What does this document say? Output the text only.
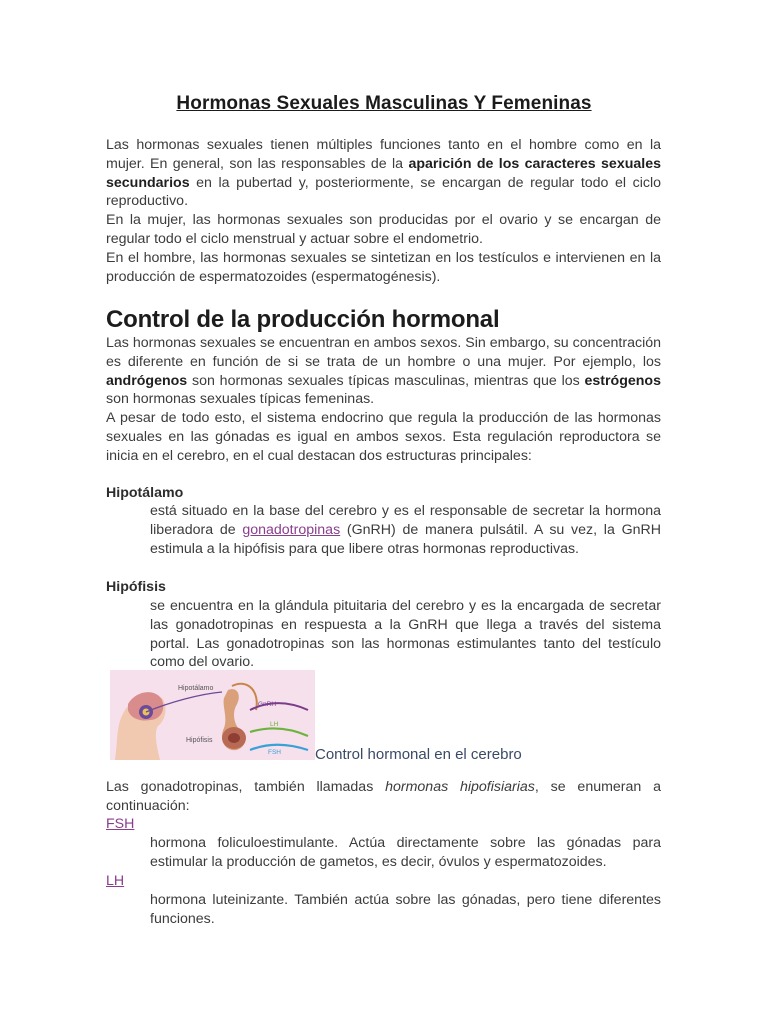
Hormonas Sexuales Masculinas Y Femeninas

Las hormonas sexuales tienen múltiples funciones tanto en el hombre como en la mujer. En general, son las responsables de la aparición de los caracteres sexuales secundarios en la pubertad y, posteriormente, se encargan de regular todo el ciclo reproductivo.

En la mujer, las hormonas sexuales son producidas por el ovario y se encargan de regular todo el ciclo menstrual y actuar sobre el endometrio.

En el hombre, las hormonas sexuales se sintetizan en los testículos e intervienen en la producción de espermatozoides (espermatogénesis).

Control de la producción hormonal

Las hormonas sexuales se encuentran en ambos sexos. Sin embargo, su concentración es diferente en función de si se trata de un hombre o una mujer. Por ejemplo, los andrógenos son hormonas sexuales típicas masculinas, mientras que los estrógenos son hormonas sexuales típicas femeninas.

A pesar de todo esto, el sistema endocrino que regula la producción de las hormonas sexuales en las gónadas es igual en ambos sexos. Esta regulación reproductora se inicia en el cerebro, en el cual destacan dos estructuras principales:

Hipotálamo

está situado en la base del cerebro y es el responsable de secretar la hormona liberadora de gonadotropinas (GnRH) de manera pulsátil. A su vez, la GnRH estimula a la hipófisis para que libere otras hormonas reproductivas.

Hipófisis

se encuentra en la glándula pituitaria del cerebro y es la encargada de secretar las gonadotropinas en respuesta a la GnRH que llega a través del sistema portal. Las gonadotropinas son las hormonas estimulantes tanto del testículo como del ovario.

Hipotálamo
GnRH
LH
Hipófisis
FSH Control hormonal en el cerebro

Las gonadotropinas, también llamadas hormonas hipofisiarias, se enumeran a continuación:

FSH

hormona foliculoestimulante. Actúa directamente sobre las gónadas para estimular la producción de gametos, es decir, óvulos y espermatozoides.

LH

hormona luteinizante. También actúa sobre las gónadas, pero tiene diferentes funciones.
